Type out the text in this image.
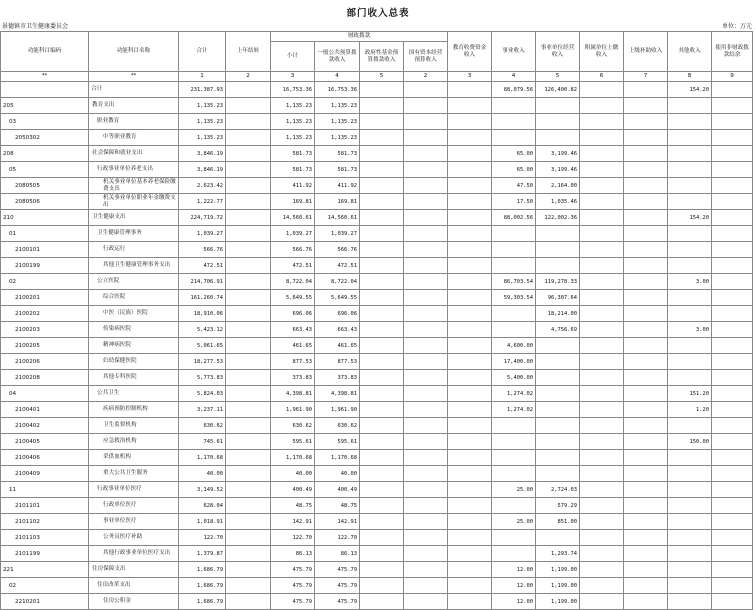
部门收入总表
景德镇市卫生健康委员会	单位：万元
功能科目编码	功能科目名称	合计	上年结转	财政拨款				教育收费资金收入	事业收入	事业单位经营收入	附属单位上缴收入	上级补助收入	其他收入	使用非财政拨款结余
				小计	一般公共预算拨款收入	政府性基金预算拨款收入	国有资本经营预算收入							
**	**	1	2	3	4	5	2	3	4	5	6	7	8	9
	合计	231,387.93		16,753.36	16,753.36				88,079.56	126,400.82			154.20	
205	教育支出	1,135.23		1,135.23	1,135.23									
03	职业教育	1,135.23		1,135.23	1,135.23									
2050302	中等职业教育	1,135.23		1,135.23	1,135.23									
208	社会保障和就业支出	3,846.19		581.73	581.73				65.00	3,199.46				
05	行政事业单位养老支出	3,846.19		581.73	581.73				65.00	3,199.46				
2080505	机关事业单位基本养老保险缴费支出	2,623.42		411.92	411.92				47.50	2,164.00				
2080506	机关事业单位职业年金缴费支出	1,222.77		169.81	169.81				17.50	1,035.46				
210	卫生健康支出	224,719.72		14,560.61	14,560.61				88,002.56	122,002.36			154.20	
01	卫生健康管理事务	1,039.27		1,039.27	1,039.27									
2100101	行政运行	566.76		566.76	566.76									
2100199	其他卫生健康管理事务支出	472.51		472.51	472.51									
02	公立医院	214,706.91		8,722.04	8,722.04				86,703.54	119,278.33			3.00	
2100201	综合医院	161,260.74		5,649.55	5,649.55				59,303.54	96,307.64				
2100202	中医（民族）医院	18,910.06		696.06	696.06					18,214.00				
2100203	传染病医院	5,423.12		663.43	663.43					4,756.69			3.00	
2100205	精神病医院	5,061.65		461.65	461.65				4,600.00					
2100206	妇幼保健医院	18,277.53		877.53	877.53				17,400.00					
2100208	其他专科医院	5,773.83		373.83	373.83				5,400.00					
04	公共卫生	5,824.03		4,398.81	4,398.81				1,274.02				151.20	
2100401	疾病预防控制机构	3,237.11		1,961.90	1,961.90				1,274.02				1.20	
2100402	卫生监督机构	630.62		630.62	630.62									
2100405	应急救治机构	745.61		595.61	595.61								150.00	
2100406	采供血机构	1,170.68		1,170.68	1,170.68									
2100409	重大公共卫生服务	40.00		40.00	40.00									
11	行政事业单位医疗	3,149.52		400.49	400.49				25.00	2,724.03				
2101101	行政单位医疗	628.04		48.75	48.75					579.29				
2101102	事业单位医疗	1,018.91		142.91	142.91				25.00	851.00				
2101103	公务员医疗补助	122.70		122.70	122.70									
2101199	其他行政事业单位医疗支出	1,379.87		86.13	86.13					1,293.74				
221	住房保障支出	1,686.79		475.79	475.79				12.00	1,199.00				
02	住房改革支出	1,686.79		475.79	475.79				12.00	1,199.00				
2210201	住房公积金	1,686.79		475.79	475.79				12.00	1,199.00				
